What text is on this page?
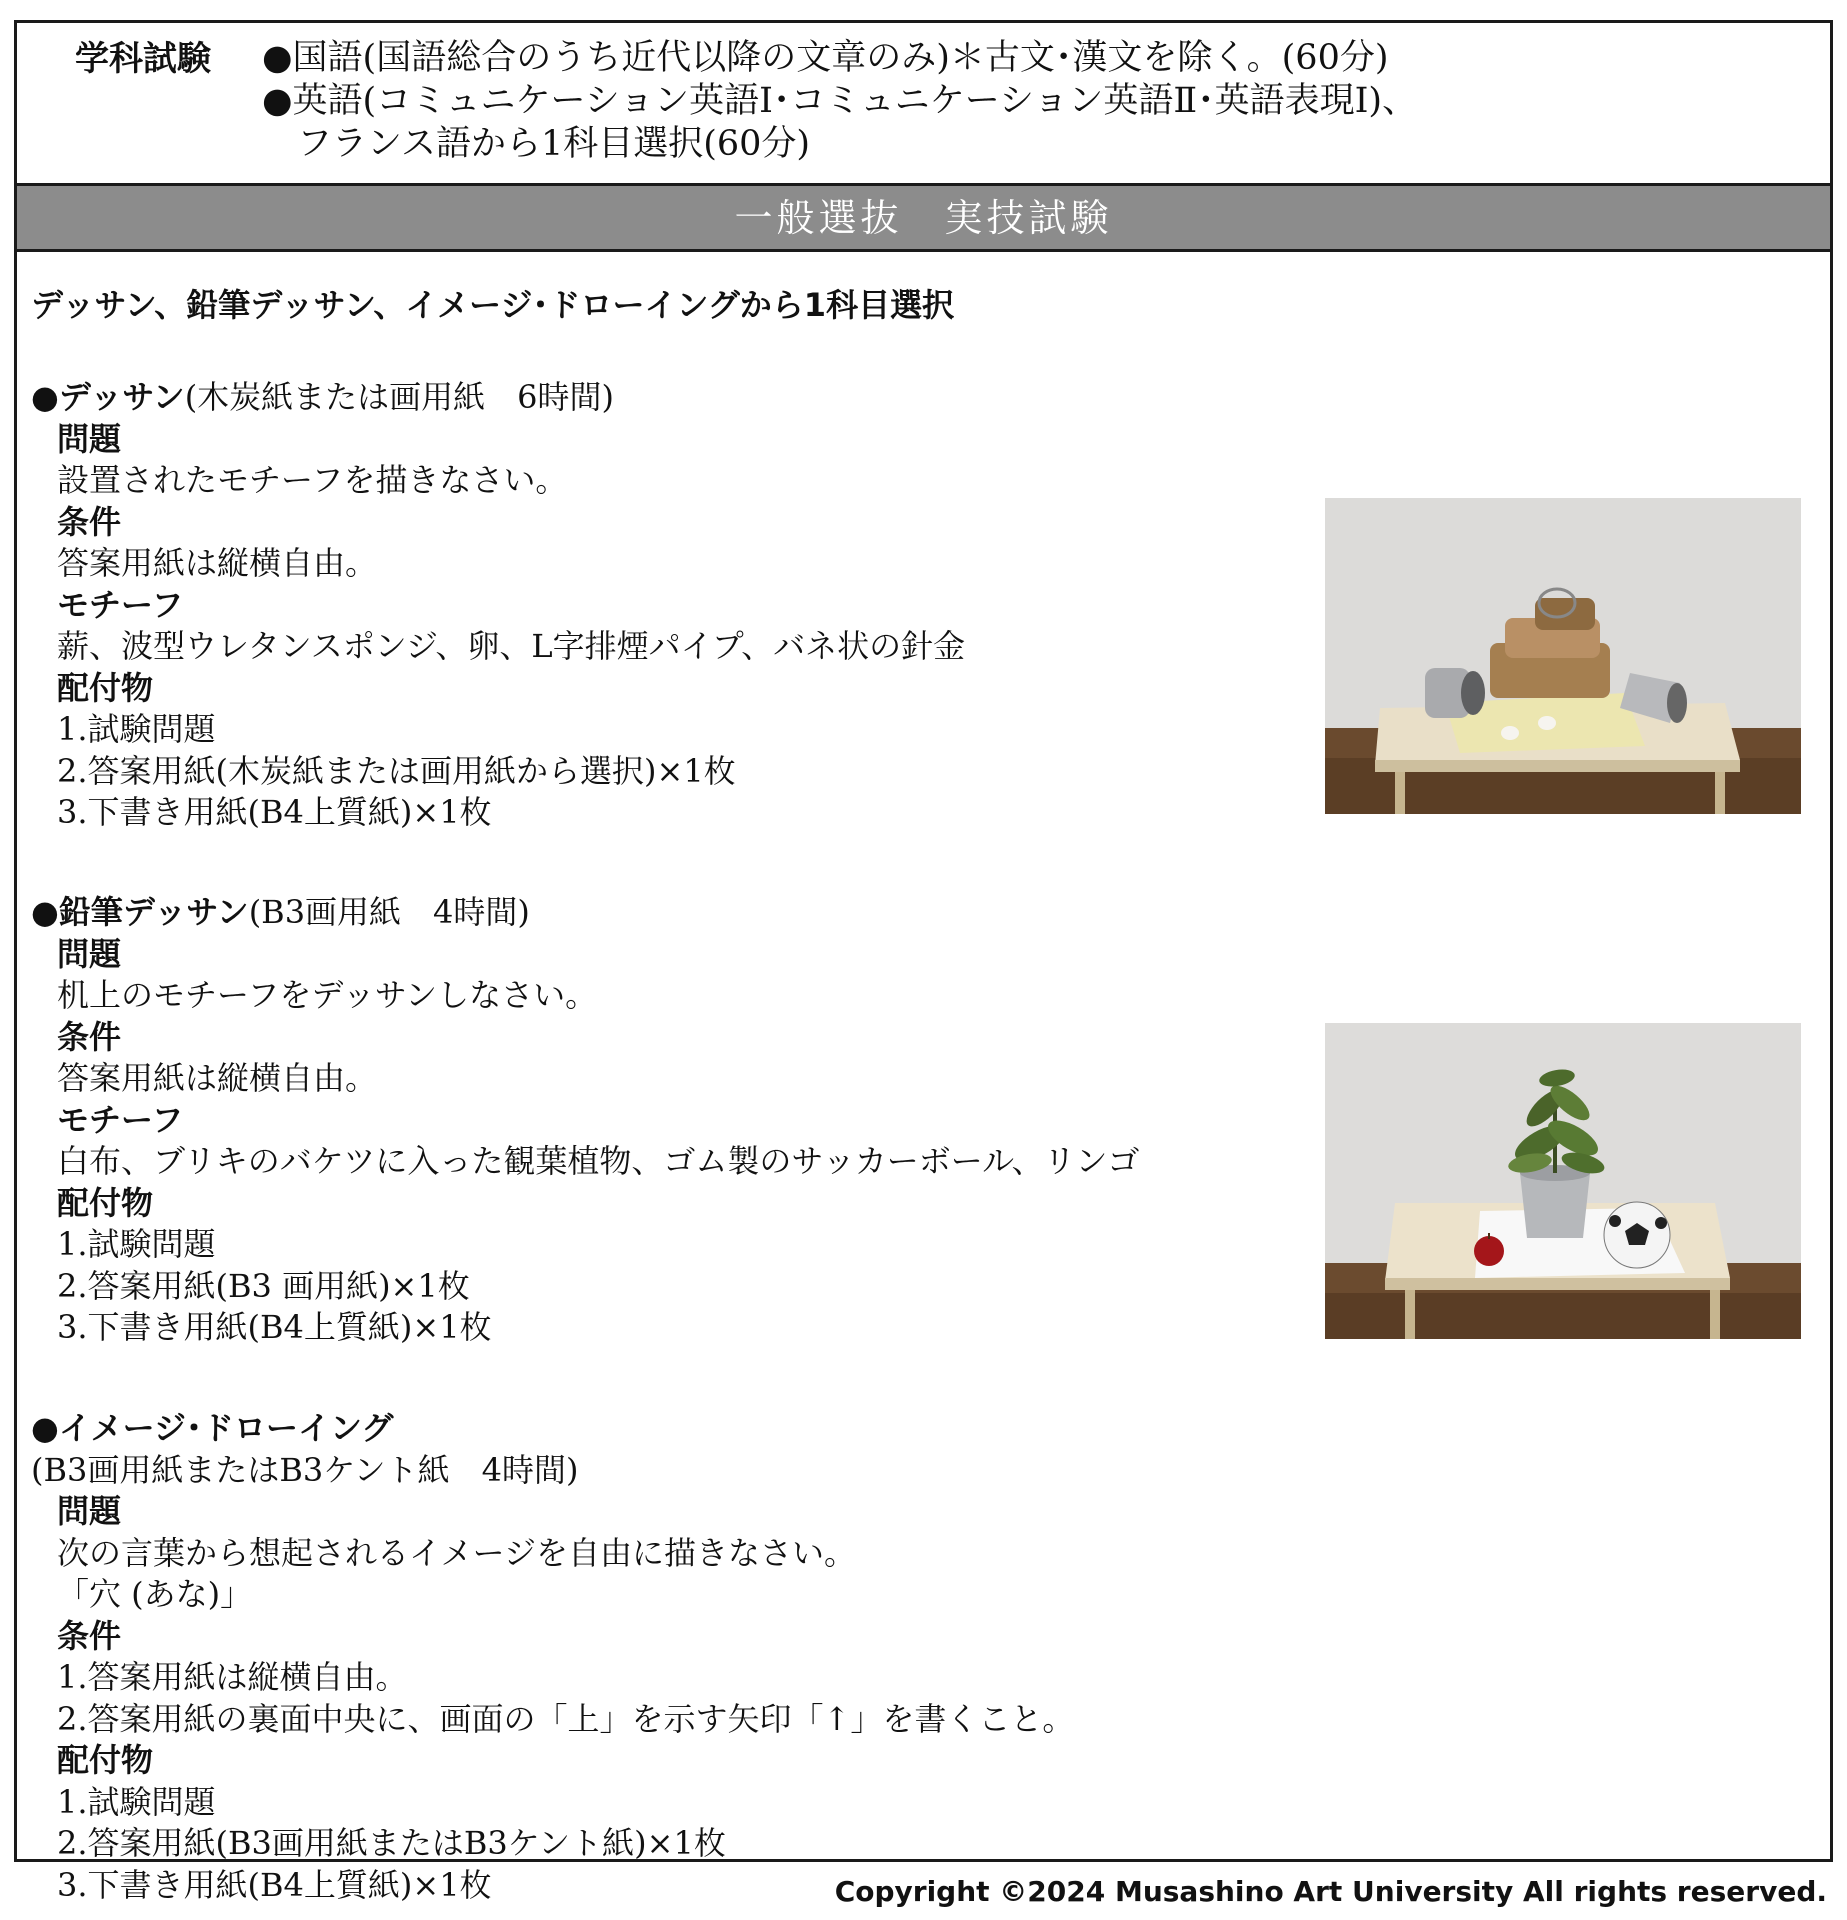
学科試験 ●国語(国語総合のうち近代以降の文章のみ)＊古文･漢文を除く。(60分)
●英語(コミュニケーション英語Ⅰ･コミュニケーション英語Ⅱ･英語表現Ⅰ)、
フランス語から1科目選択(60分)
一般選抜　実技試験
デッサン、鉛筆デッサン、イメージ･ドローイングから1科目選択
●デッサン(木炭紙または画用紙　6時間)
問題
設置されたモチーフを描きなさい。
条件
答案用紙は縦横自由。
モチーフ
薪、波型ウレタンスポンジ、卵、L字排煙パイプ、バネ状の針金
配付物
1.試験問題
2.答案用紙(木炭紙または画用紙から選択)×1枚
3.下書き用紙(B4上質紙)×1枚
●鉛筆デッサン(B3画用紙　4時間)
問題
机上のモチーフをデッサンしなさい。
条件
答案用紙は縦横自由。
モチーフ
白布、ブリキのバケツに入った観葉植物、ゴム製のサッカーボール、リンゴ
配付物
1.試験問題
2.答案用紙(B3 画用紙)×1枚
3.下書き用紙(B4上質紙)×1枚
●イメージ･ドローイング
(B3画用紙またはB3ケント紙　4時間)
問題
次の言葉から想起されるイメージを自由に描きなさい。
「穴 (あな)」
条件
1.答案用紙は縦横自由。
2.答案用紙の裏面中央に、画面の「上」を示す矢印「↑」を書くこと。
配付物
1.試験問題
2.答案用紙(B3画用紙またはB3ケント紙)×1枚
3.下書き用紙(B4上質紙)×1枚	Copyright ©2024 Musashino Art University All rights reserved.
